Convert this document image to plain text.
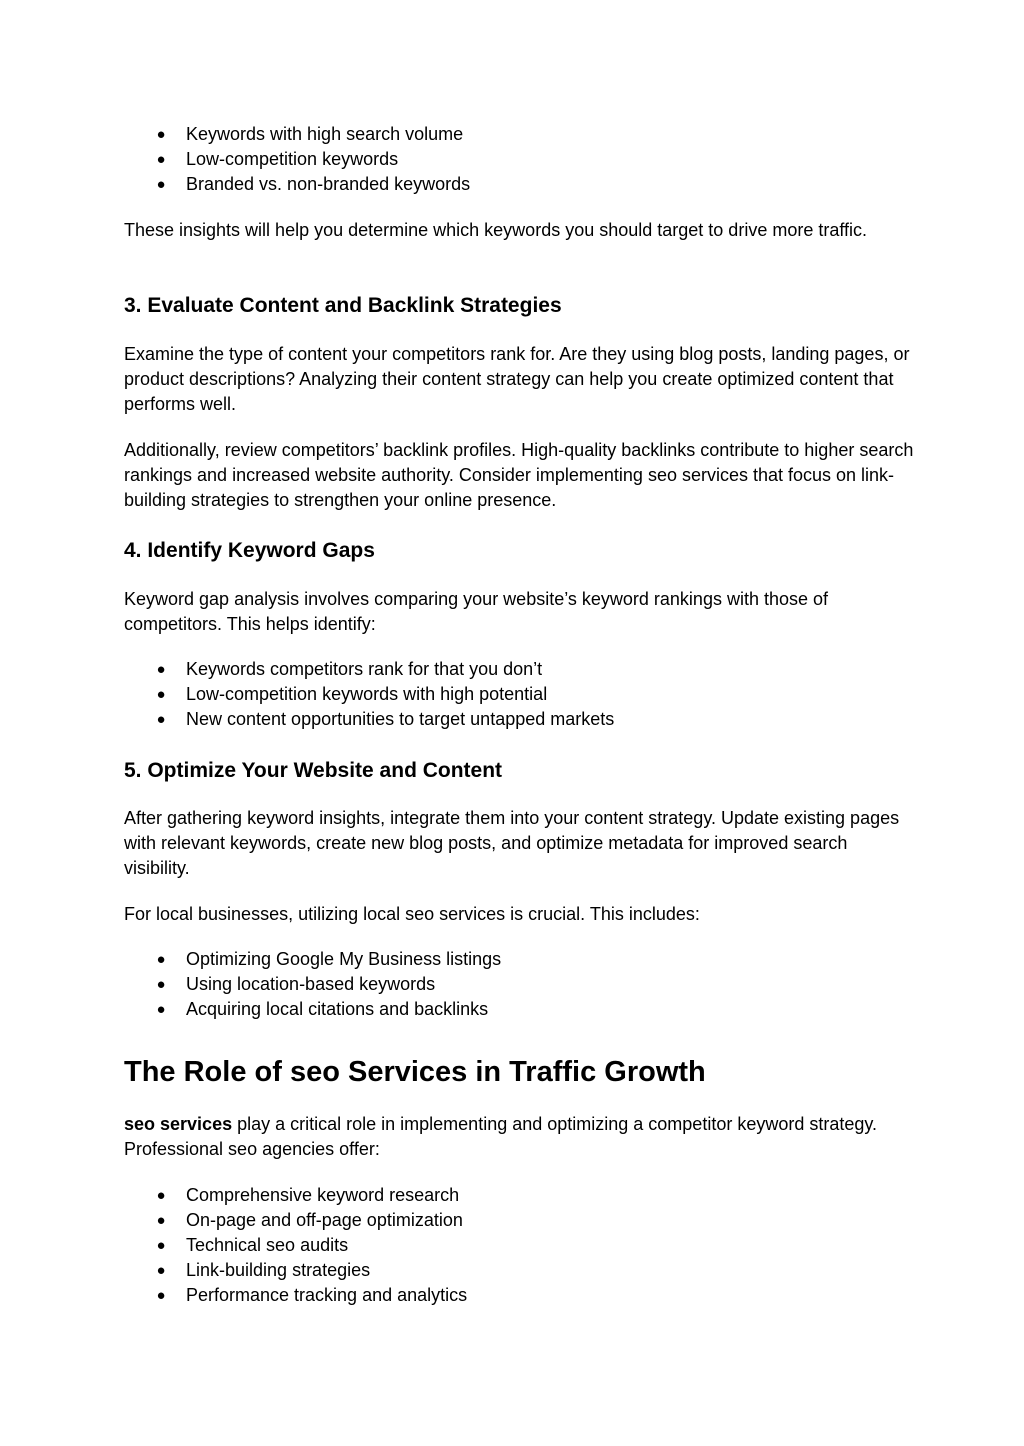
● Keywords with high search volume
● Low-competition keywords
● Branded vs. non-branded keywords

These insights will help you determine which keywords you should target to drive more traffic.

3. Evaluate Content and Backlink Strategies

Examine the type of content your competitors rank for. Are they using blog posts, landing pages, or product descriptions? Analyzing their content strategy can help you create optimized content that performs well.

Additionally, review competitors’ backlink profiles. High-quality backlinks contribute to higher search rankings and increased website authority. Consider implementing seo services that focus on link-building strategies to strengthen your online presence.

4. Identify Keyword Gaps

Keyword gap analysis involves comparing your website’s keyword rankings with those of competitors. This helps identify:

● Keywords competitors rank for that you don’t
● Low-competition keywords with high potential
● New content opportunities to target untapped markets
5. Optimize Your Website and Content

After gathering keyword insights, integrate them into your content strategy. Update existing pages with relevant keywords, create new blog posts, and optimize metadata for improved search visibility.

For local businesses, utilizing local seo services is crucial. This includes:

● Optimizing Google My Business listings
● Using location-based keywords
● Acquiring local citations and backlinks
The Role of seo Services in Traffic Growth

seo services play a critical role in implementing and optimizing a competitor keyword strategy. Professional seo agencies offer:

● Comprehensive keyword research
● On-page and off-page optimization
● Technical seo audits
● Link-building strategies
● Performance tracking and analytics
